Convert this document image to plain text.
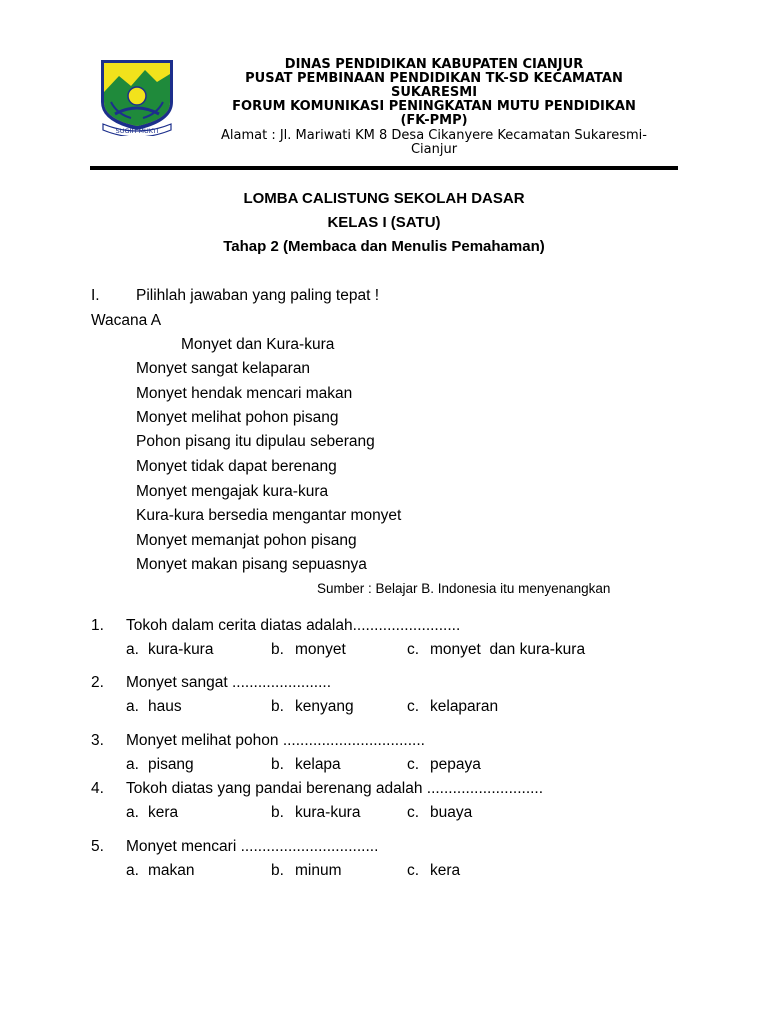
SUGIH MUKTI
DINAS PENDIDIKAN KABUPATEN CIANJUR
PUSAT PEMBINAAN PENDIDIKAN TK-SD KECAMATAN
SUKARESMI
FORUM KOMUNIKASI PENINGKATAN MUTU PENDIDIKAN
(FK-PMP)
Alamat : Jl. Mariwati KM 8 Desa Cikanyere Kecamatan Sukaresmi-
Cianjur
LOMBA CALISTUNG SEKOLAH DASAR
KELAS I (SATU)
Tahap 2 (Membaca dan Menulis Pemahaman)
I. Pilihlah jawaban yang paling tepat !
Wacana A
Monyet dan Kura-kura
Monyet sangat kelaparan
Monyet hendak mencari makan
Monyet melihat pohon pisang
Pohon pisang itu dipulau seberang
Monyet tidak dapat berenang
Monyet mengajak kura-kura
Kura-kura bersedia mengantar monyet
Monyet memanjat pohon pisang
Monyet makan pisang sepuasnya
Sumber : Belajar B. Indonesia itu menyenangkan
1. Tokoh dalam cerita diatas adalah.........................
a. kura-kura	b. monyet	c. monyet  dan kura-kura
2. Monyet sangat .......................
a. haus	b. kenyang	c. kelaparan
3. Monyet melihat pohon .................................
a. pisang	b. kelapa	c. pepaya
4. Tokoh diatas yang pandai berenang adalah ...........................
a. kera	b. kura-kura	c. buaya
5. Monyet mencari ................................
a. makan	b. minum	c. kera
